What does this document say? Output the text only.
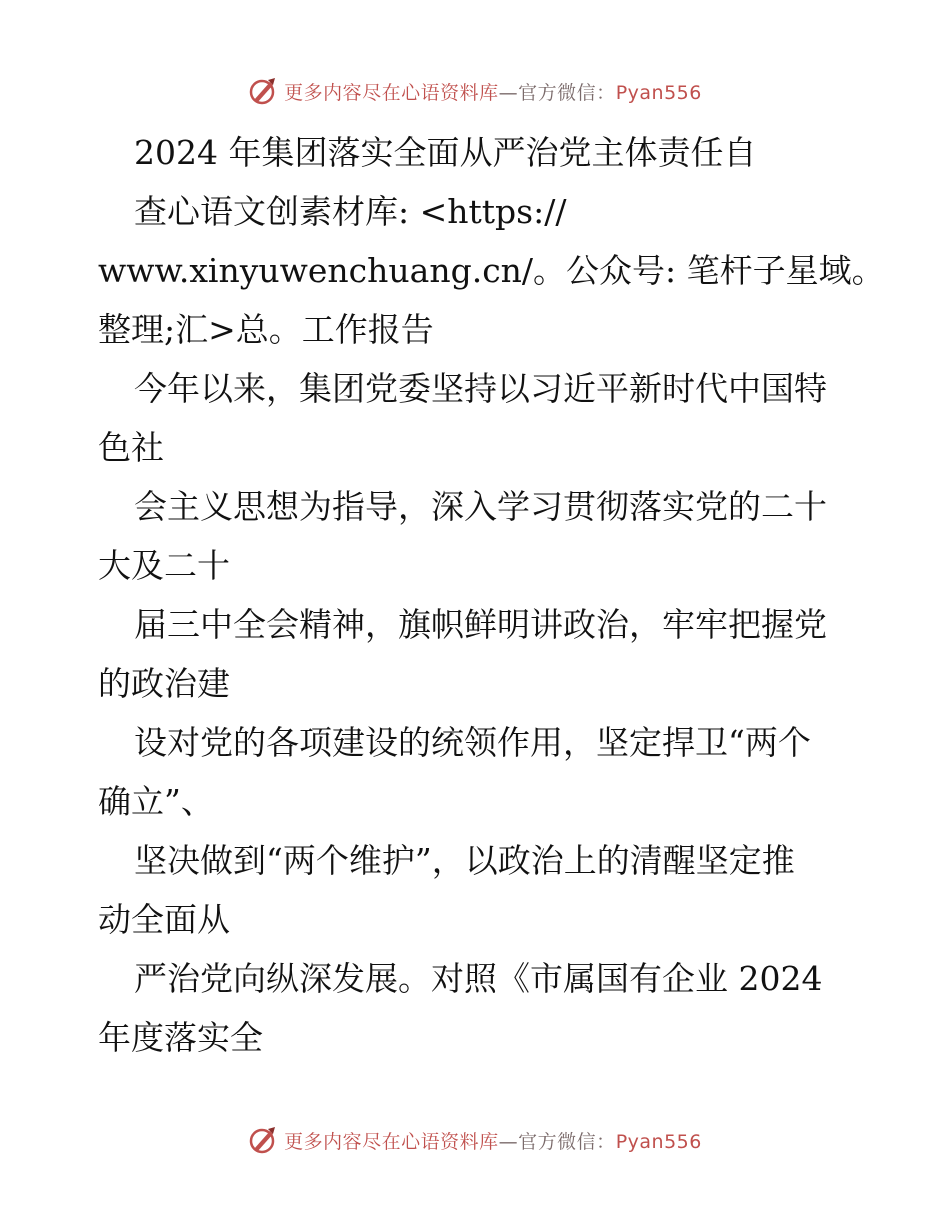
更多内容尽在心语资料库—官方微信：Pyan556
2024 年集团落实全面从严治党主体责任自
查心语文创素材库: <https://
www.xinyuwenchuang.cn/。公众号: 笔杆子星域。
整理;汇>总。工作报告
今年以来，集团党委坚持以习近平新时代中国特
色社
会主义思想为指导，深入学习贯彻落实党的二十
大及二十
届三中全会精神，旗帜鲜明讲政治，牢牢把握党
的政治建
设对党的各项建设的统领作用，坚定捍卫“两个
确立”、
坚决做到“两个维护”，以政治上的清醒坚定推
动全面从
严治党向纵深发展。对照《市属国有企业 2024
年度落实全
更多内容尽在心语资料库—官方微信：Pyan556
